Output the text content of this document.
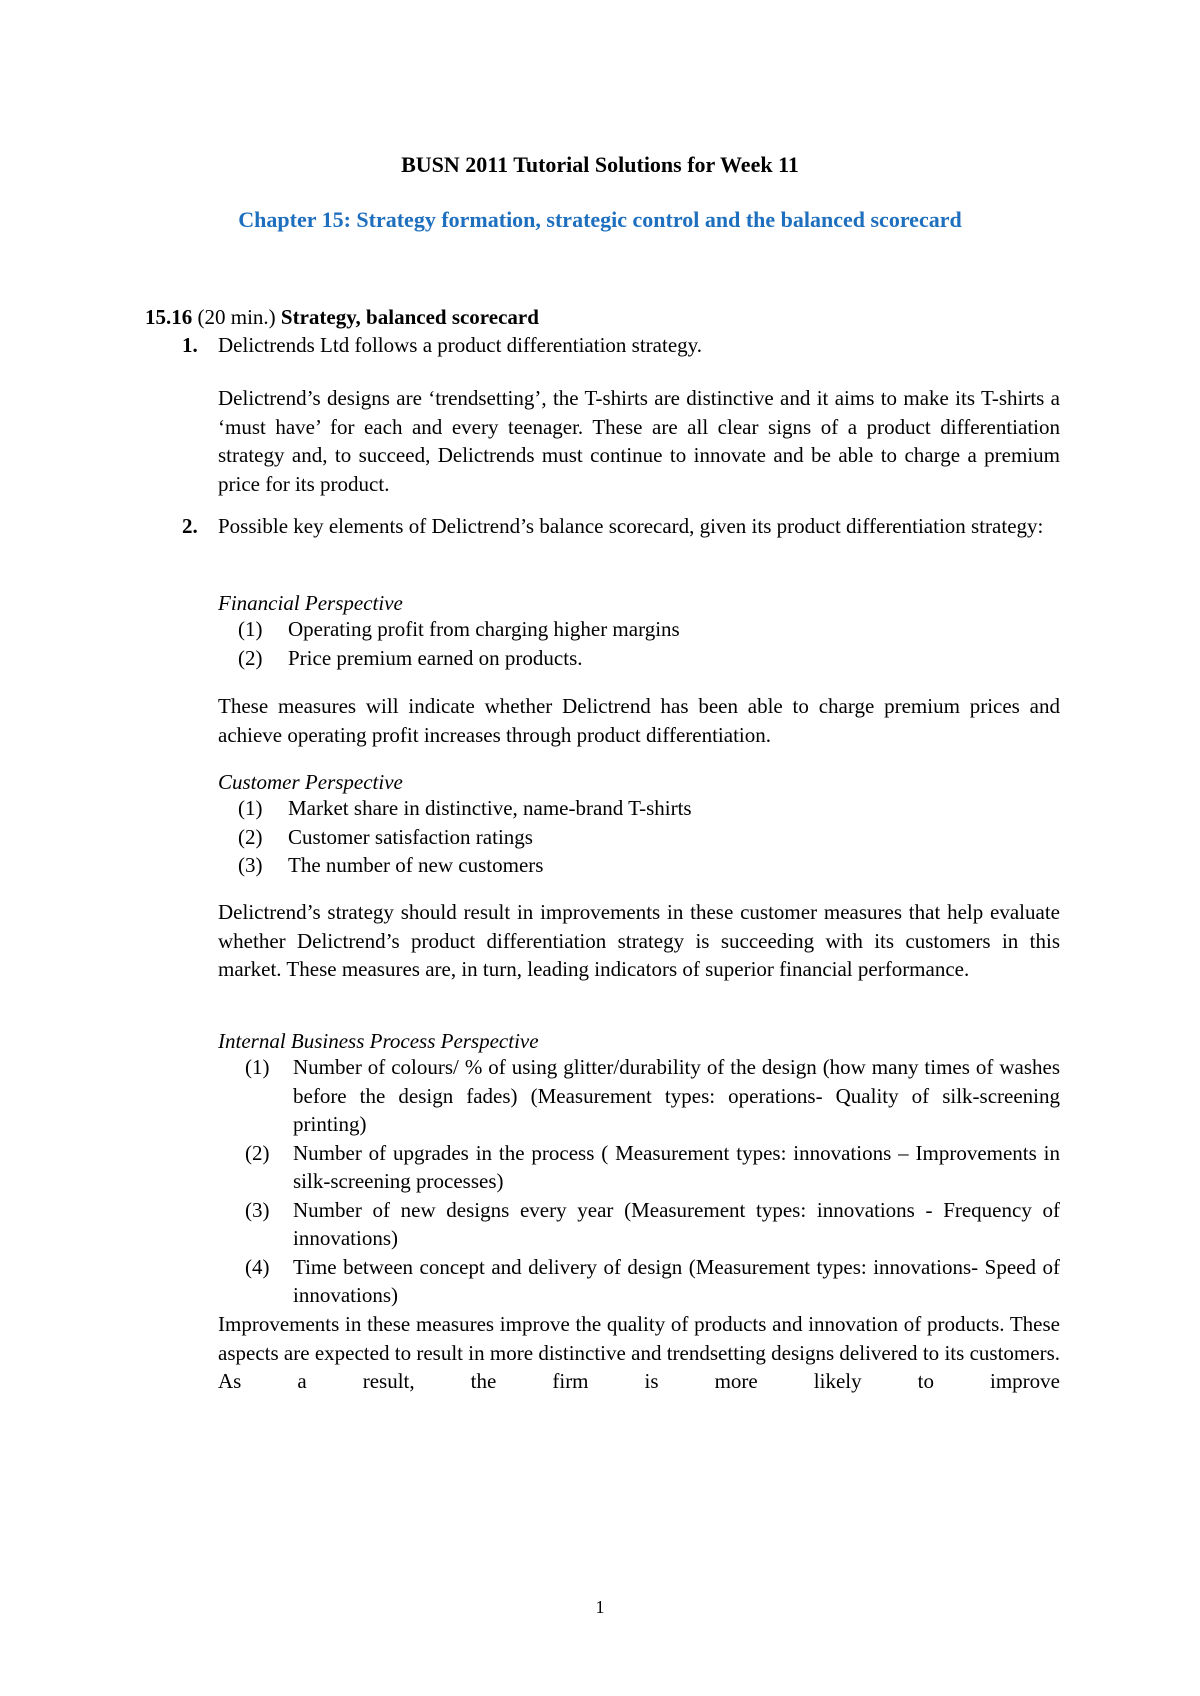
BUSN 2011 Tutorial Solutions for Week 11
Chapter 15: Strategy formation, strategic control and the balanced scorecard
15.16 (20 min.) Strategy, balanced scorecard
1. Delictrends Ltd follows a product differentiation strategy.
Delictrend’s designs are ‘trendsetting’, the T-shirts are distinctive and it aims to make its T-shirts a ‘must have’ for each and every teenager. These are all clear signs of a product differentiation strategy and, to succeed, Delictrends must continue to innovate and be able to charge a premium price for its product.
2. Possible key elements of Delictrend’s balance scorecard, given its product differentiation strategy:
Financial Perspective
(1) Operating profit from charging higher margins
(2) Price premium earned on products.
These measures will indicate whether Delictrend has been able to charge premium prices and achieve operating profit increases through product differentiation.
Customer Perspective
(1) Market share in distinctive, name-brand T-shirts
(2) Customer satisfaction ratings
(3) The number of new customers
Delictrend’s strategy should result in improvements in these customer measures that help evaluate whether Delictrend’s product differentiation strategy is succeeding with its customers in this market. These measures are, in turn, leading indicators of superior financial performance.
Internal Business Process Perspective
(1) Number of colours/ % of using glitter/durability of the design (how many times of washes before the design fades) (Measurement types: operations- Quality of silk-screening printing)
(2) Number of upgrades in the process ( Measurement types: innovations – Improvements in silk-screening processes)
(3) Number of new designs every year (Measurement types: innovations - Frequency of innovations)
(4) Time between concept and delivery of design (Measurement types: innovations- Speed of innovations)
Improvements in these measures improve the quality of products and innovation of products. These aspects are expected to result in more distinctive and trendsetting designs delivered to its customers. As a result, the firm is more likely to improve
1
